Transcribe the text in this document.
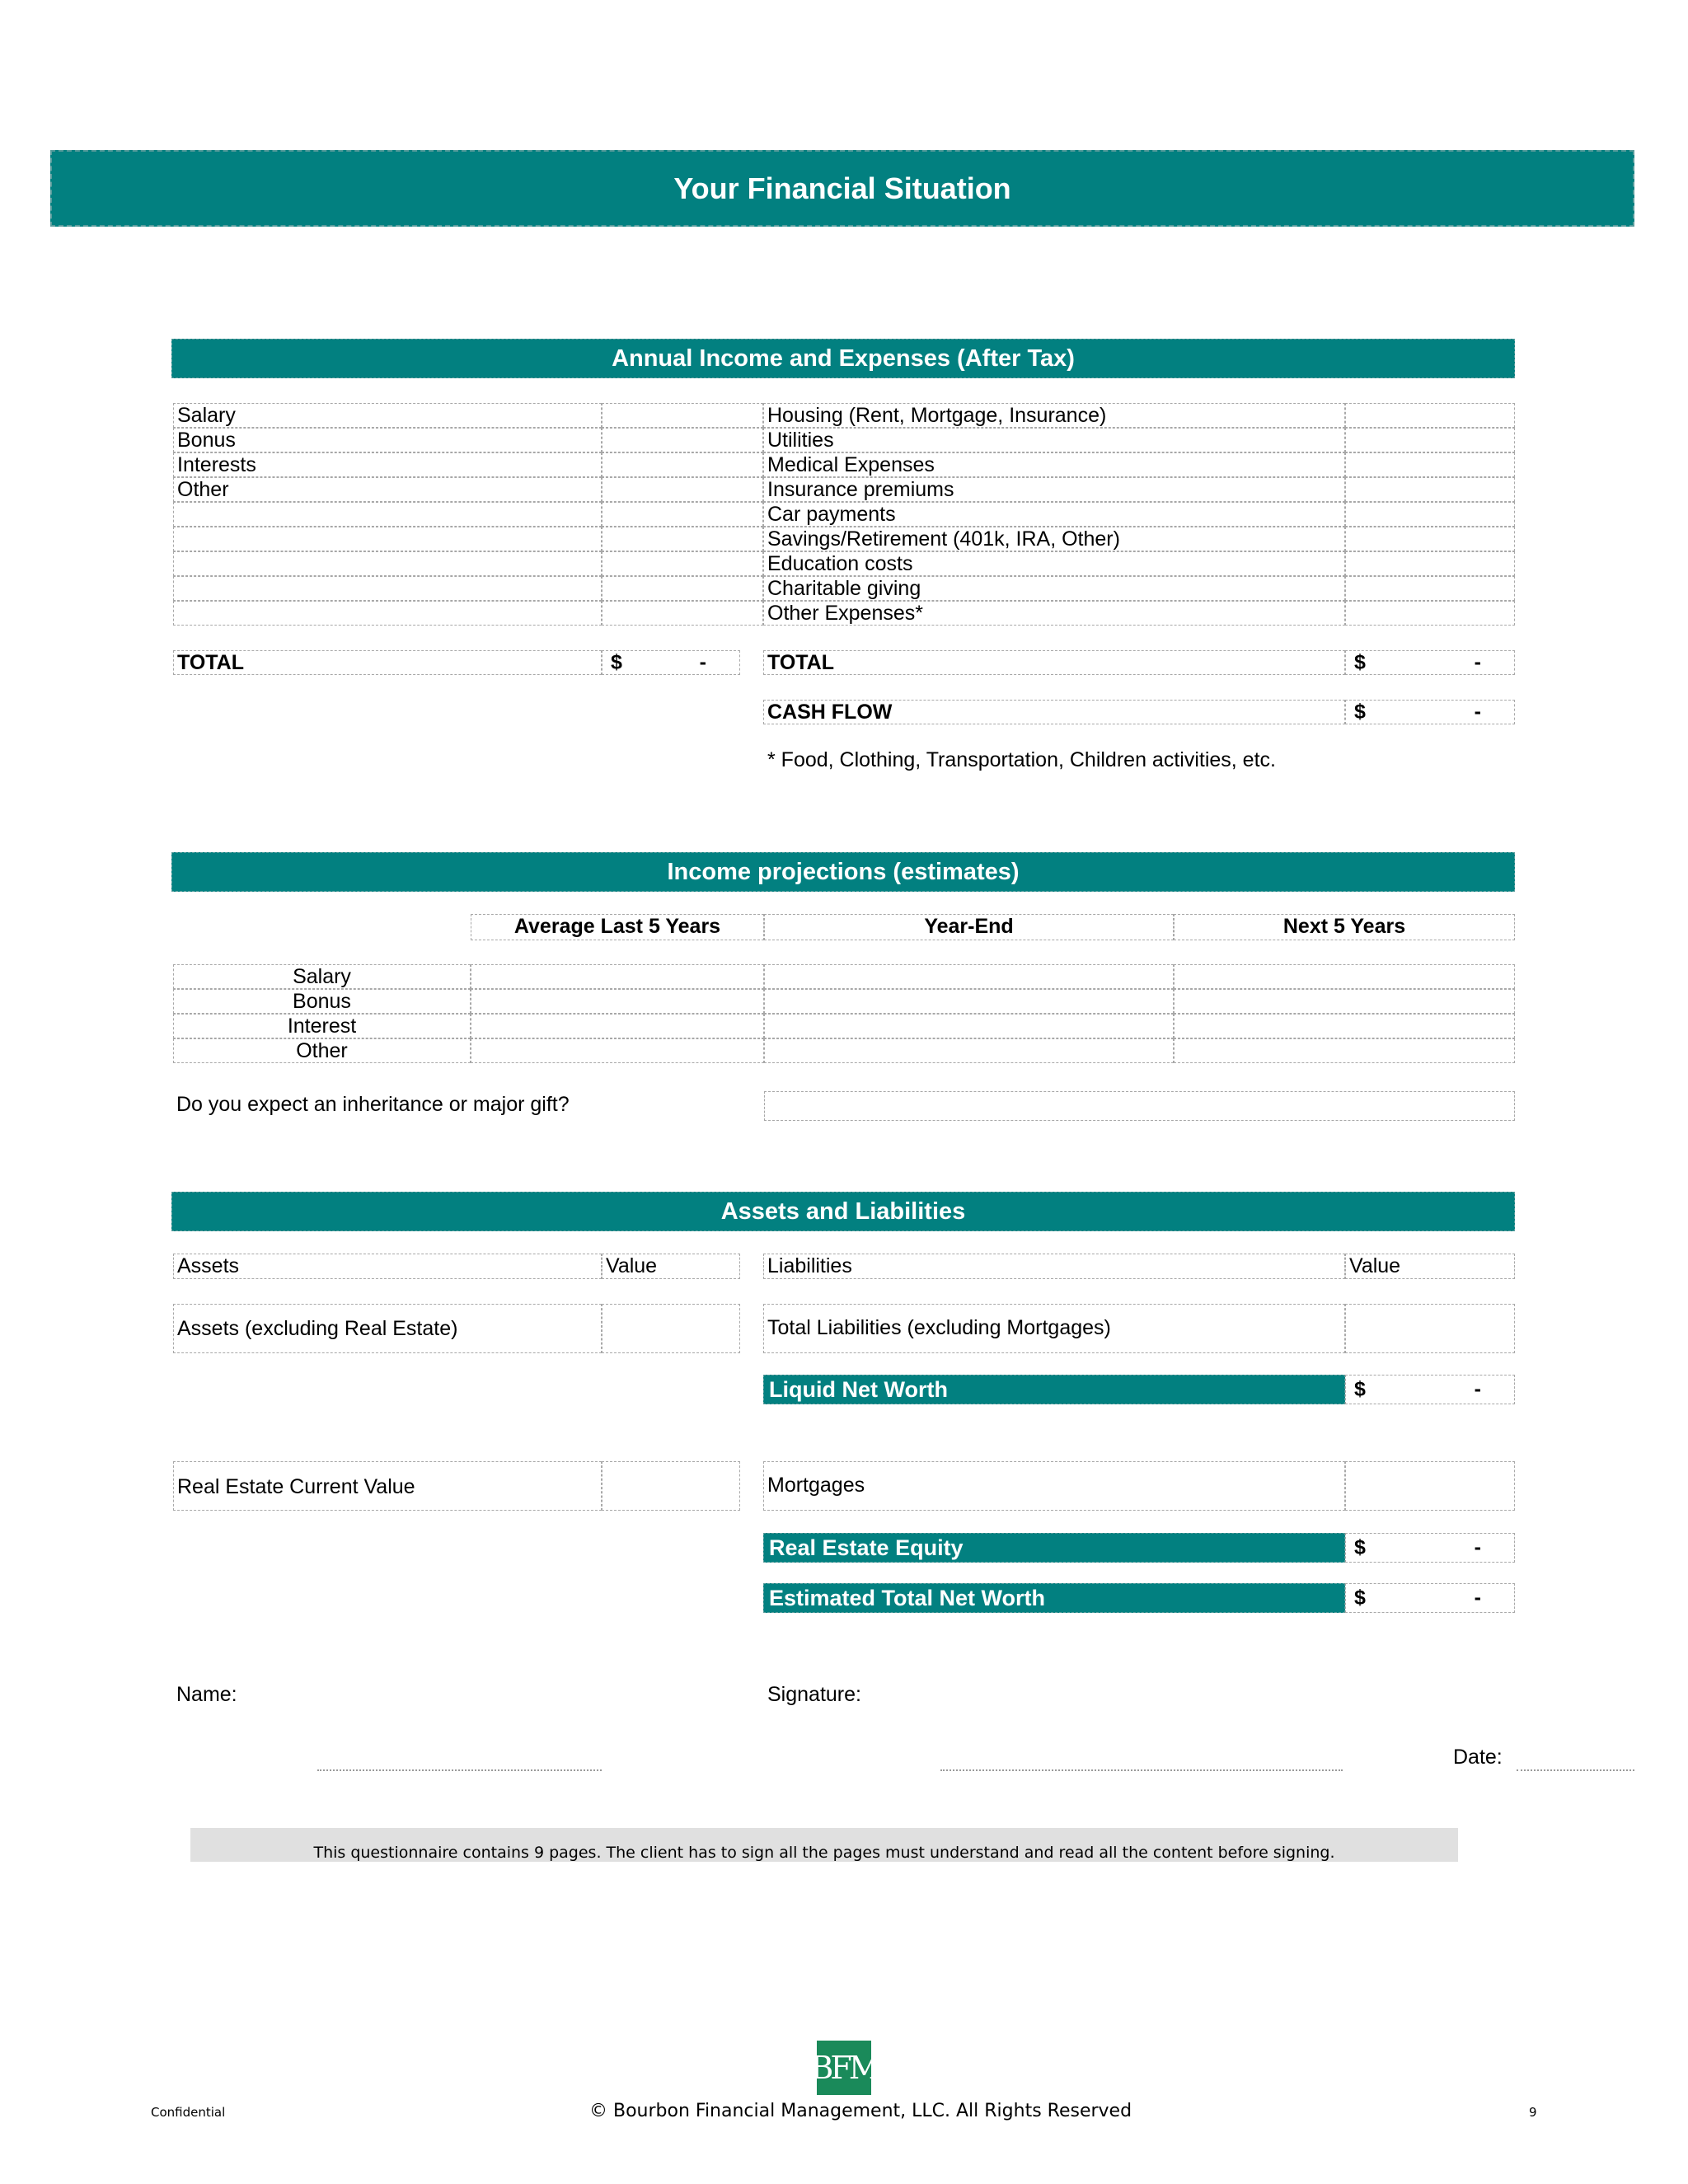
Your Financial Situation
Annual Income and Expenses (After Tax)
Salary	Housing (Rent, Mortgage, Insurance)
Bonus	Utilities
Interests	Medical Expenses
Other	Insurance premiums
Car payments
Savings/Retirement (401k, IRA, Other)
Education costs
Charitable giving
Other Expenses*
TOTAL	$	-	TOTAL	$	-
CASH FLOW	$	-
* Food, Clothing, Transportation, Children activities, etc.
Income projections (estimates)
Average Last 5 Years	Year-End	Next 5 Years
Salary
Bonus
Interest
Other
Do you expect an inheritance or major gift?
Assets and Liabilities
Assets	Value	Liabilities	Value
Assets (excluding Real Estate)	Total Liabilities (excluding Mortgages)
Liquid Net Worth	$	-
Real Estate Current Value	Mortgages
Real Estate Equity	$	-
Estimated Total Net Worth	$	-
Name:	Signature:
Date:
This questionnaire contains 9 pages. The client has to sign all the pages must understand and read all the content before signing.
BFM
Confidential	© Bourbon Financial Management, LLC. All Rights Reserved	9
